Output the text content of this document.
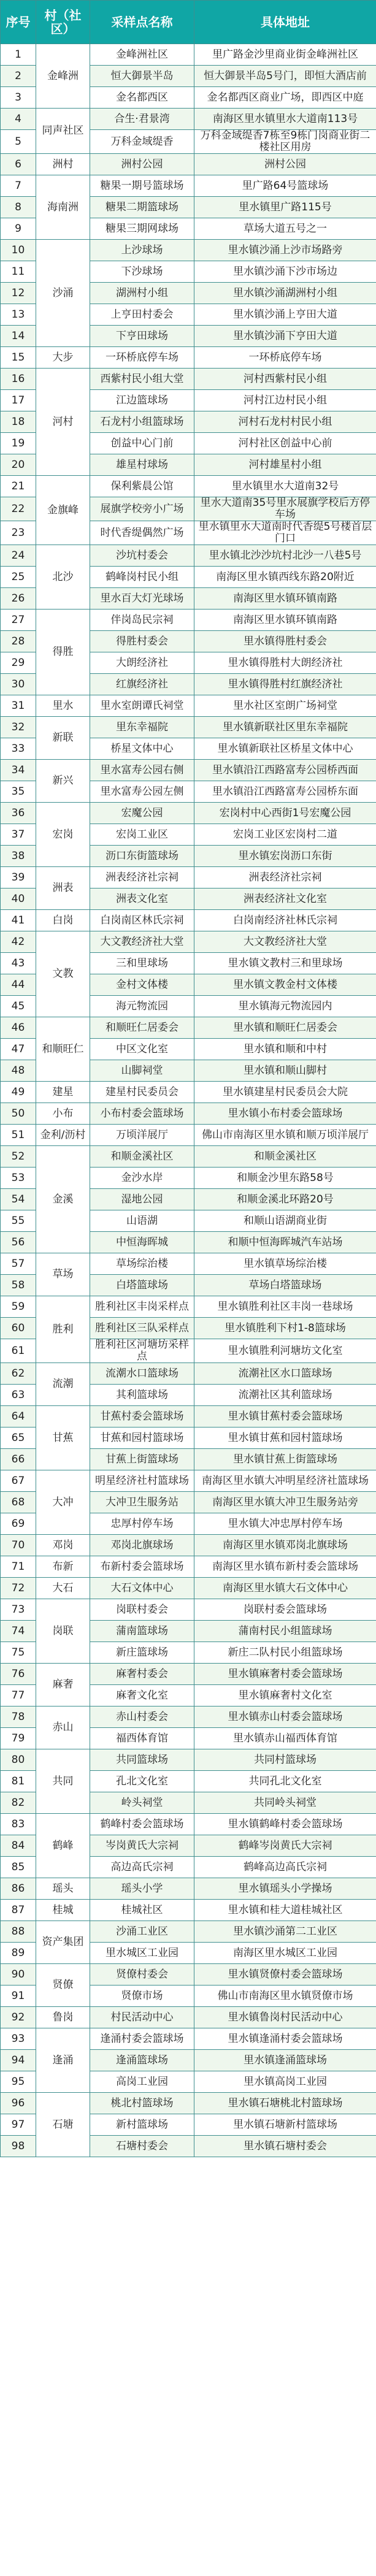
序号	村（社区）	采样点名称	具体地址
1	金峰洲	金峰洲社区	里广路金沙里商业街金峰洲社区
2		恒大御景半岛	恒大御景半岛5号门，即恒大酒店前
3		金名都西区	金名都西区商业广场，即西区中庭
4	同声社区	合生·君景湾	南海区里水镇里水大道南113号
5		万科金域缇香	万科金域缇香7栋至9栋门岗商业街二楼社区用房
6	洲村	洲村公园	洲村公园
7	海南洲	糖果一期号篮球场	里广路64号篮球场
8		糖果二期篮球场	里水镇里广路115号
9		糖果三期网球场	草场大道五号之一
10	沙涌	上沙球场	里水镇沙涌上沙市场路旁
11		下沙球场	里水镇沙涌下沙市场边
12		湖洲村小组	里水镇沙涌湖洲村小组
13		上亨田村委会	里水镇沙涌上亨田大道
14		下亨田球场	里水镇沙涌下亨田大道
15	大步	一环桥底停车场	一环桥底停车场
16	河村	西紫村民小组大堂	河村西紫村民小组
17		江边篮球场	河村江边村民小组
18		石龙村小组篮球场	河村石龙村村民小组
19		创益中心门前	河村社区创益中心前
20		雄星村球场	河村雄星村小组
21	金旗峰	保利紫晨公馆	里水镇里水大道南32号
22		展旗学校旁小广场	里水大道南35号里水展旗学校后方停车场
23		时代香缇偶然广场	里水镇里水大道南时代香缇5号楼首层门口
24	北沙	沙坑村委会	里水镇北沙沙坑村北沙一八巷5号
25		鹤峰岗村民小组	南海区里水镇西线东路20附近
26		里水百大灯光球场	南海区里水镇环镇南路
27	得胜	伴岗岛民宗祠	南海区里水镇环镇南路
28		得胜村委会	里水镇得胜村委会
29		大朗经济社	里水镇得胜村大朗经济社
30		红旗经济社	里水镇得胜村红旗经济社
31	里水	里水室朗谭氏祠堂	里水社区室朗广场祠堂
32	新联	里东幸福院	里水镇新联社区里东幸福院
33		桥星文体中心	里水镇新联社区桥星文体中心
34	新兴	里水富寿公园右侧	里水镇沿江西路富寿公园桥西面
35		里水富寿公园左侧	里水镇沿江西路富寿公园桥东面
36	宏岗	宏魔公园	宏岗村中心西街1号宏魔公园
37		宏岗工业区	宏岗工业区宏岗村二道
38		沥口东街篮球场	里水镇宏岗沥口东街
39	洲表	洲表经济社宗祠	洲表经济社宗祠
40		洲表文化室	洲表经济社文化室
41	白岗	白岗南区林氏宗祠	白岗南经济社林氏宗祠
42	文教	大文教经济社大堂	大文教经济社大堂
43		三和里球场	里水镇文教村三和里球场
44		金村文体楼	里水镇文教金村文体楼
45		海元物流园	里水镇海元物流园内
46	和顺旺仁	和顺旺仁居委会	里水镇和顺旺仁居委会
47		中区文化室	里水镇和顺和中村
48		山脚祠堂	里水镇和顺山脚村
49	建星	建星村民委员会	里水镇建星村民委员会大院
50	小布	小布村委会篮球场	里水镇小布村委会篮球场
51	金利/沥村	万顷洋展厅	佛山市南海区里水镇和顺万顷洋展厅
52	金溪	和顺金溪社区	和顺金溪社区
53		金沙水岸	和顺金沙里东路58号
54		湿地公园	和顺金溪北环路20号
55		山语湖	和顺山语湖商业街
56		中恒海晖城	和顺中恒海晖城汽车站场
57	草场	草场综治楼	里水镇草场综治楼
58		白塔篮球场	草场白塔篮球场
59	胜利	胜利社区丰岗采样点	里水镇胜利社区丰岗一巷球场
60		胜利社区三队采样点	里水镇胜利下村1-8篮球场
61		胜利社区河塘坊采样点	里水镇胜利河塘坊文化室
62	流潮	流潮水口篮球场	流潮社区水口篮球场
63		其利篮球场	流潮社区其利篮球场
64	甘蕉	甘蕉村委会篮球场	里水镇甘蕉村委会篮球场
65		甘蕉和园村篮球场	里水镇甘蕉和园村篮球场
66		甘蕉上街篮球场	里水镇甘蕉上街篮球场
67	大冲	明星经济社村篮球场	南海区里水镇大冲明星经济社篮球场
68		大冲卫生服务站	南海区里水镇大冲卫生服务站旁
69		忠厚村停车场	里水镇大冲忠厚村停车场
70	邓岗	邓岗北旗球场	南海区里水镇邓岗北旗球场
71	布新	布新村委会篮球场	南海区里水镇布新村委会篮球场
72	大石	大石文体中心	南海区里水镇大石文体中心
73	岗联	岗联村委会	岗联村委会篮球场
74		蒲南篮球场	蒲南村民小组篮球场
75		新庄篮球场	新庄二队村民小组篮球场
76	麻奢	麻奢村委会	里水镇麻奢村委会篮球场
77		麻奢文化室	里水镇麻奢村文化室
78	赤山	赤山村委会	里水镇赤山村委会篮球场
79		福西体育馆	里水镇赤山福西体育馆
80	共同	共同篮球场	共同村篮球场
81		孔北文化室	共同孔北文化室
82		岭头祠堂	共同岭头祠堂
83	鹤峰	鹤峰村委会篮球场	里水镇鹤峰村委会篮球场
84		岑岗黄氏大宗祠	鹤峰岑岗黄氏大宗祠
85		高边高氏宗祠	鹤峰高边高氏宗祠
86	瑶头	瑶头小学	里水镇瑶头小学操场
87	桂城	桂城社区	里水镇和桂大道桂城社区
88	资产集团	沙涌工业区	里水镇沙涌第二工业区
89		里水城区工业园	南海区里水城区工业园
90	贤僚	贤僚村委会	里水镇贤僚村委会篮球场
91		贤僚市场	佛山市南海区里水镇贤僚市场
92	鲁岗	村民活动中心	里水镇鲁岗村民活动中心
93	逢涌	逢涌村委会篮球场	里水镇逢涌村委会篮球场
94		逢涌篮球场	里水镇逢涌篮球场
95		高岗工业园	里水镇高岗工业园
96	石塘	桃北村篮球场	里水镇石塘桃北村篮球场
97		新村篮球场	里水镇石塘新村篮球场
98		石塘村委会	里水镇石塘村委会
